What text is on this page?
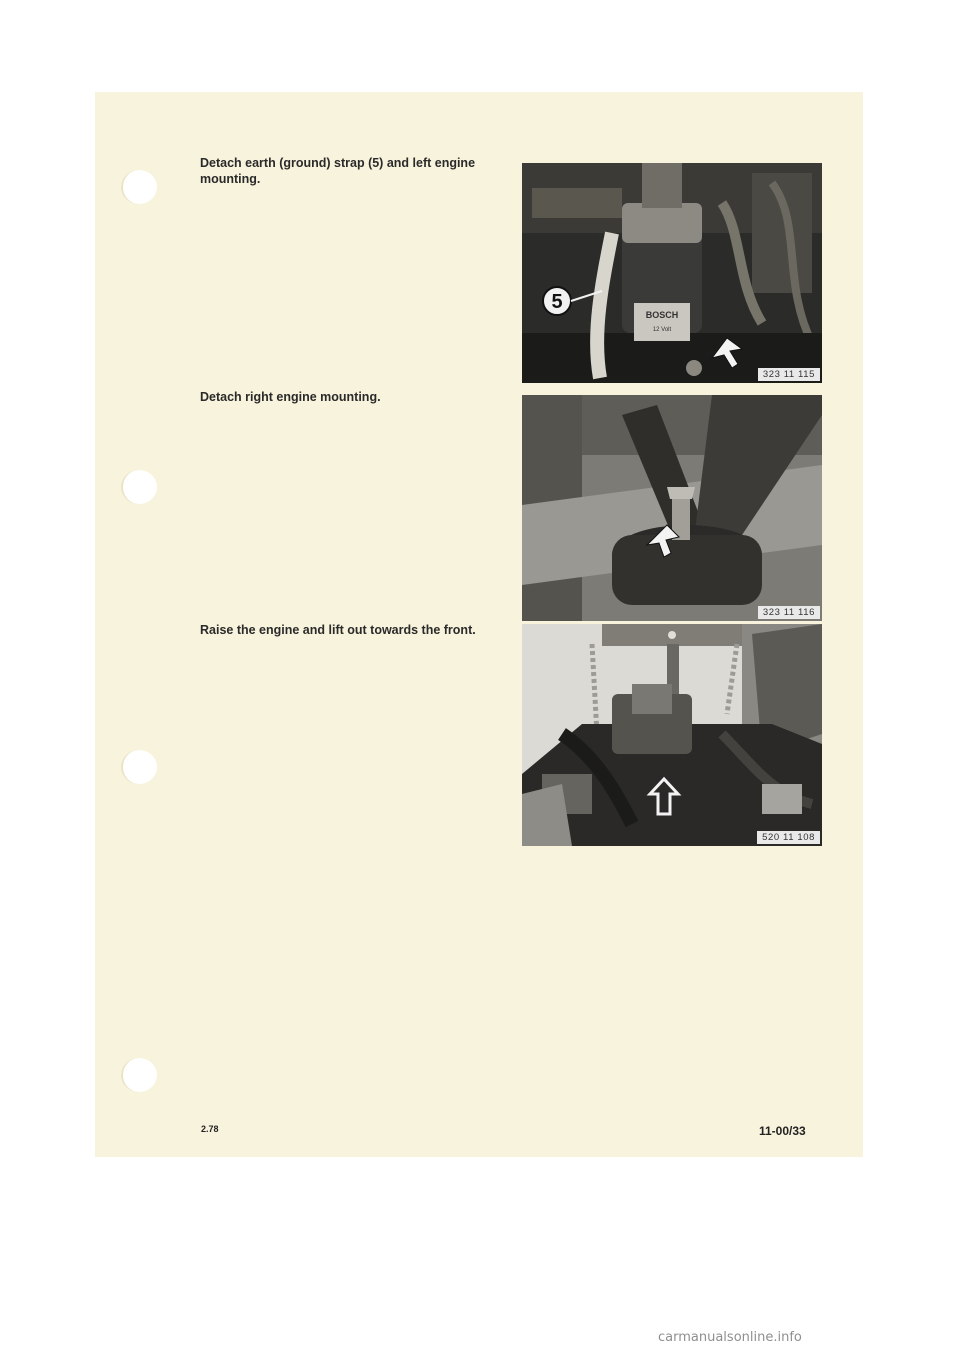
Detach earth (ground) strap (5) and left engine mounting.

BOSCH
12 Volt
5
323 11 115

Detach right engine mounting.

323 11 116

Raise the engine and lift out towards the front.

520 11 108

2.78	11-00/33

carmanualsonline.info
